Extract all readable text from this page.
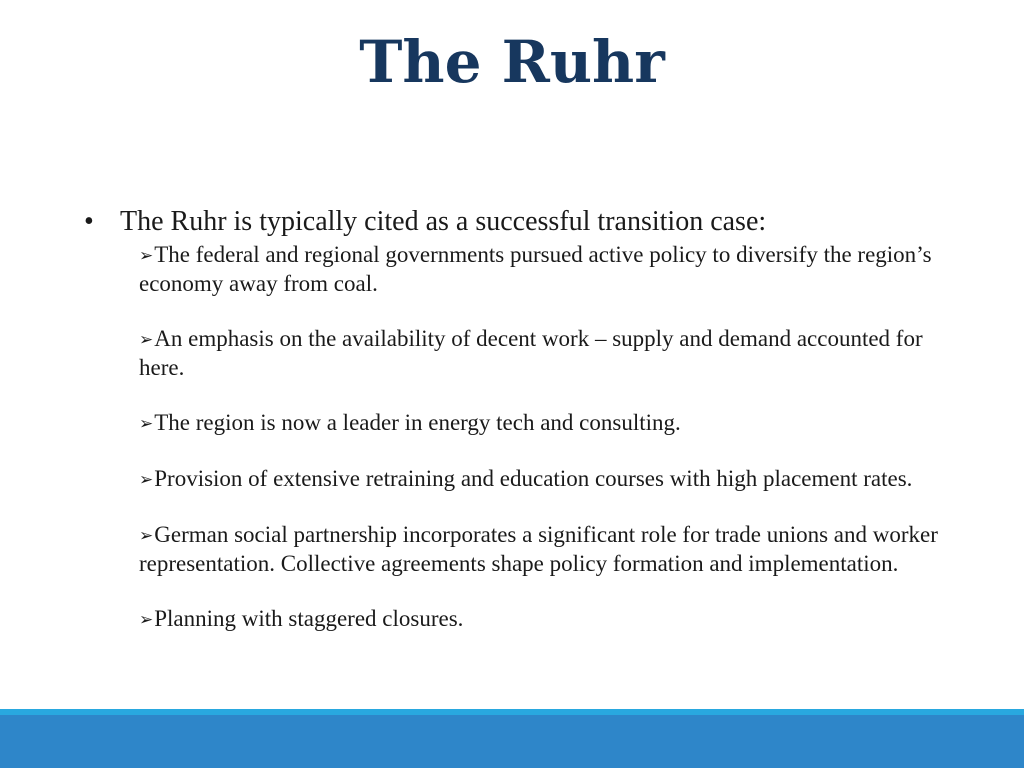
The Ruhr

• The Ruhr is typically cited as a successful transition case:

➢The federal and regional governments pursued active policy to diversify the region’s economy away from coal.
➢An emphasis on the availability of decent work – supply and demand accounted for here.
➢The region is now a leader in energy tech and consulting.
➢Provision of extensive retraining and education courses with high placement rates.
➢German social partnership incorporates a significant role for trade unions and worker representation. Collective agreements shape policy formation and implementation.
➢Planning with staggered closures.
